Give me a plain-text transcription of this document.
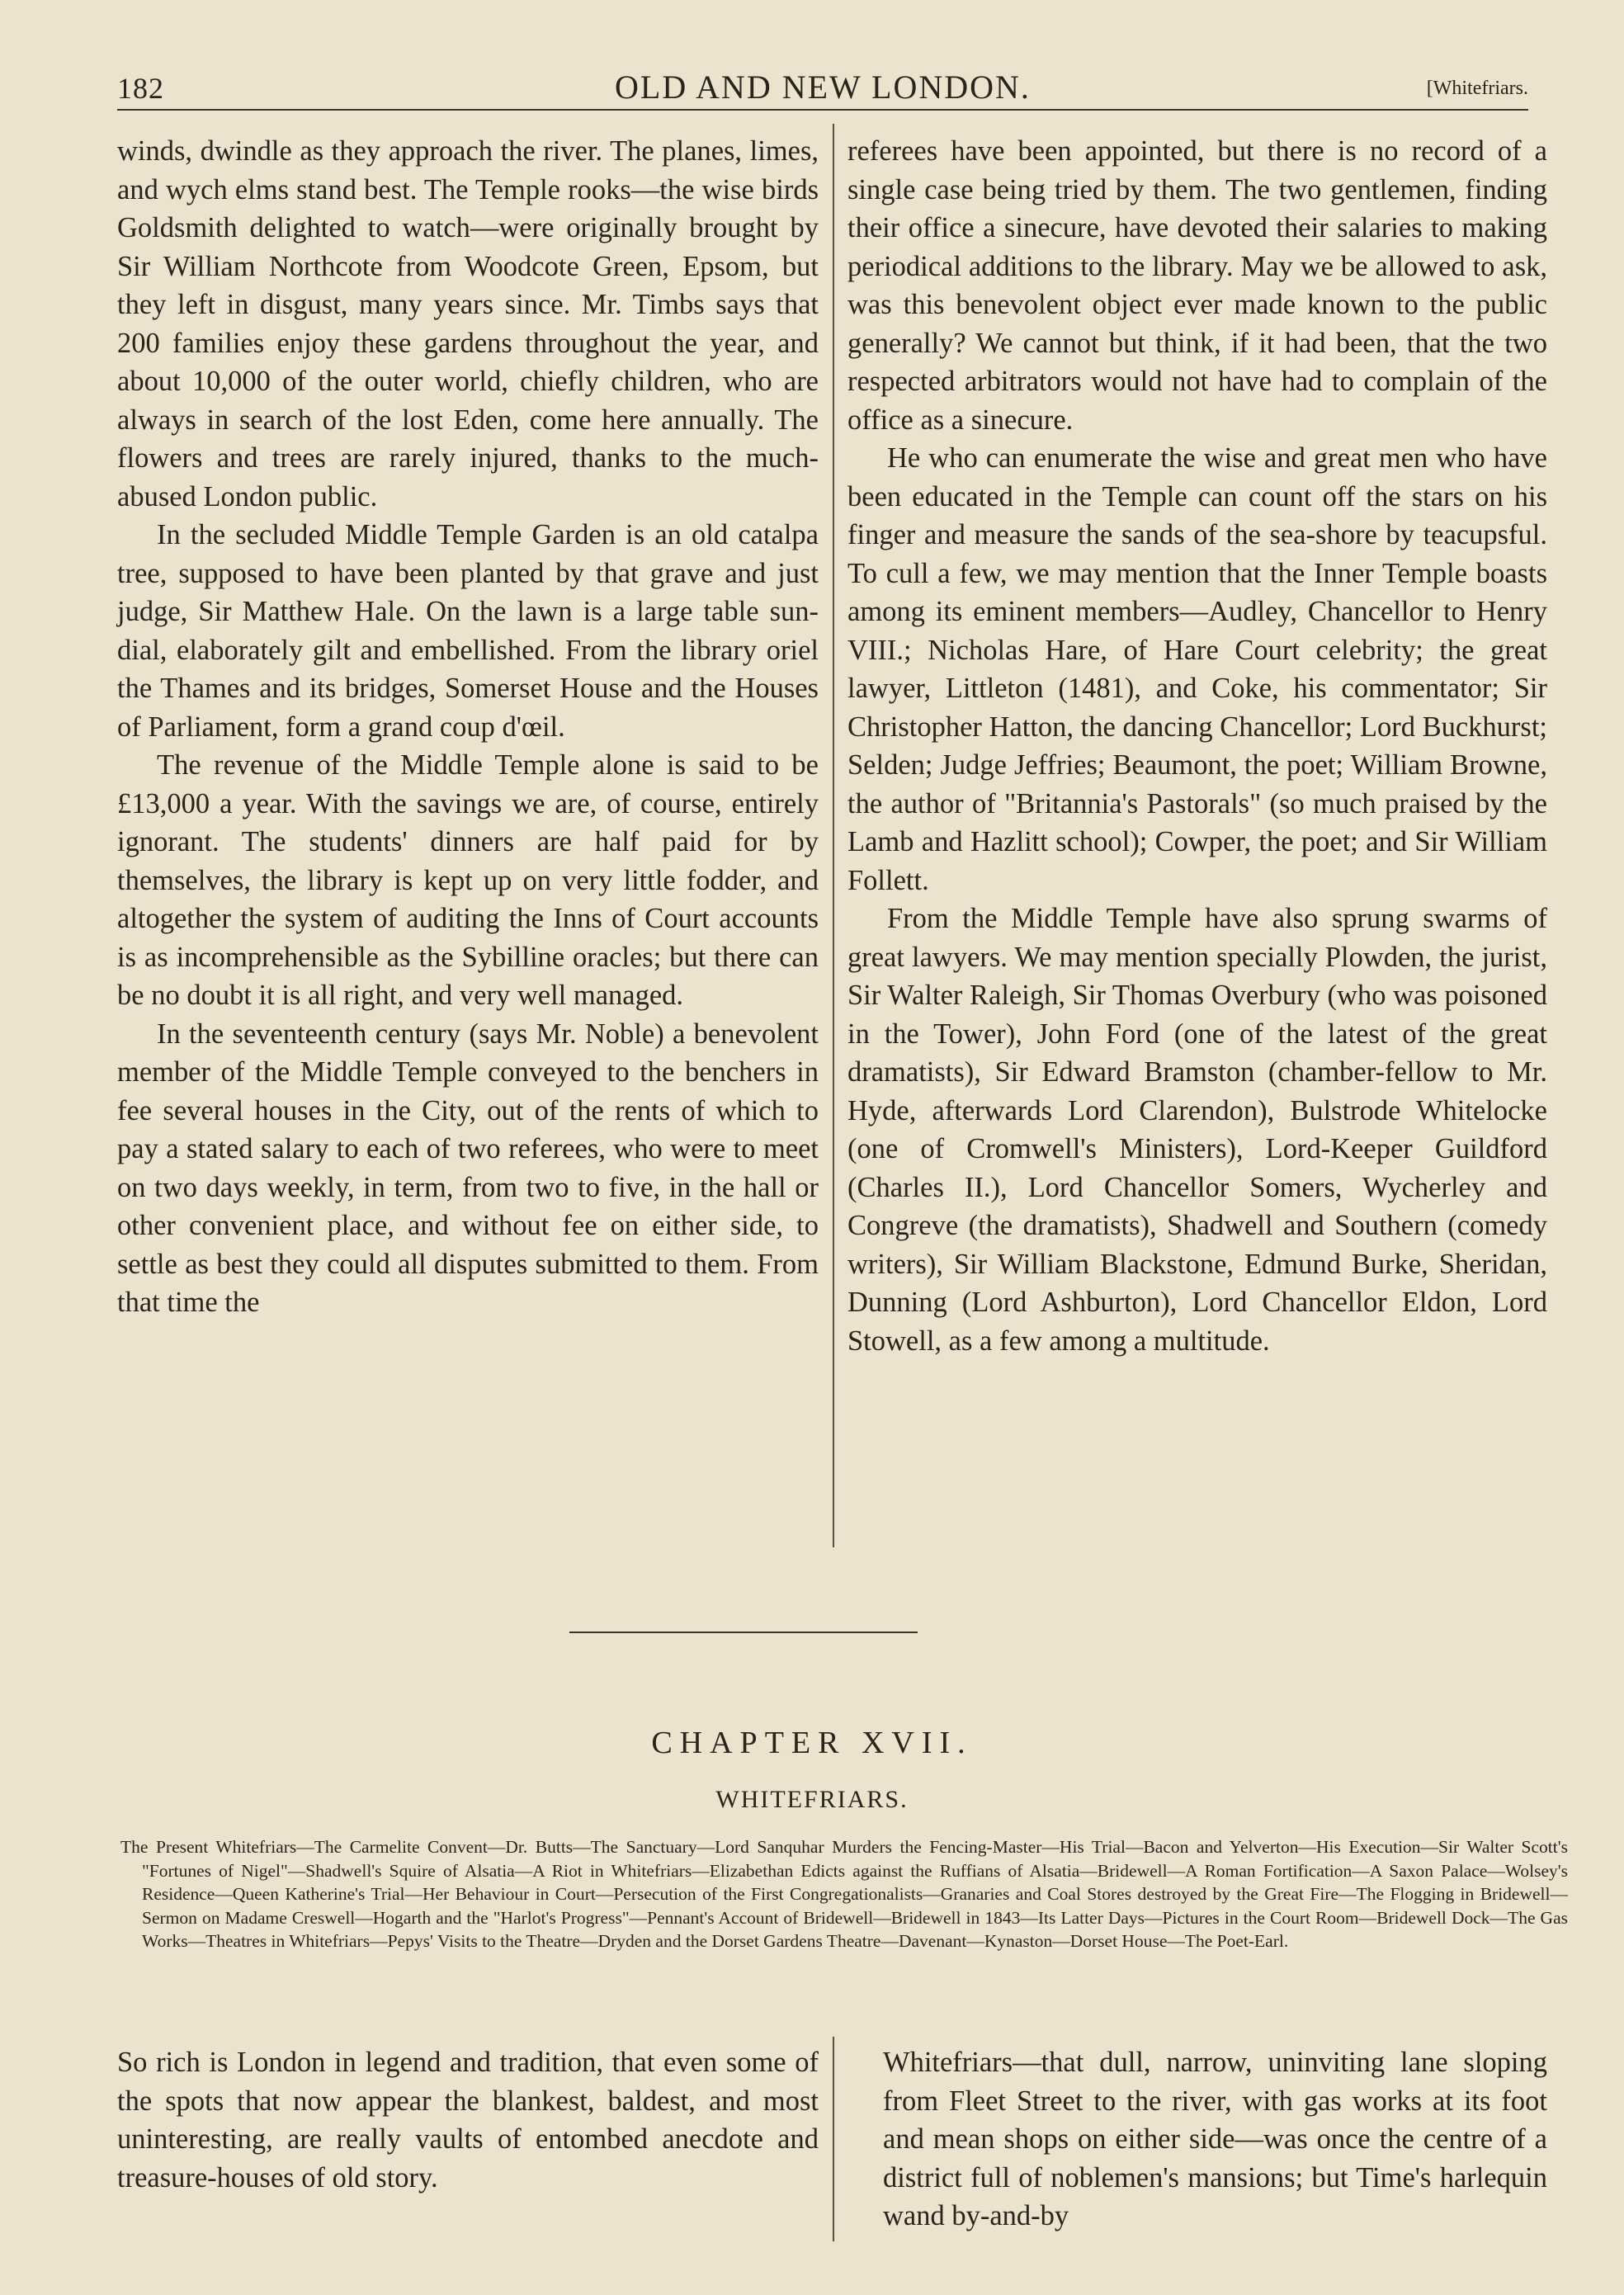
182	OLD AND NEW LONDON.	[Whitefriars.

winds, dwindle as they approach the river. The planes, limes, and wych elms stand best. The Temple rooks—the wise birds Goldsmith delighted to watch—were originally brought by Sir William Northcote from Woodcote Green, Epsom, but they left in disgust, many years since. Mr. Timbs says that 200 families enjoy these gardens throughout the year, and about 10,000 of the outer world, chiefly children, who are always in search of the lost Eden, come here annually. The flowers and trees are rarely injured, thanks to the much-abused London public.

In the secluded Middle Temple Garden is an old catalpa tree, supposed to have been planted by that grave and just judge, Sir Matthew Hale. On the lawn is a large table sun-dial, elaborately gilt and embellished. From the library oriel the Thames and its bridges, Somerset House and the Houses of Parliament, form a grand coup d'œil.

The revenue of the Middle Temple alone is said to be £13,000 a year. With the savings we are, of course, entirely ignorant. The students' dinners are half paid for by themselves, the library is kept up on very little fodder, and altogether the system of auditing the Inns of Court accounts is as incomprehensible as the Sybilline oracles; but there can be no doubt it is all right, and very well managed.

In the seventeenth century (says Mr. Noble) a benevolent member of the Middle Temple conveyed to the benchers in fee several houses in the City, out of the rents of which to pay a stated salary to each of two referees, who were to meet on two days weekly, in term, from two to five, in the hall or other convenient place, and without fee on either side, to settle as best they could all disputes submitted to them. From that time the

referees have been appointed, but there is no record of a single case being tried by them. The two gentlemen, finding their office a sinecure, have devoted their salaries to making periodical additions to the library. May we be allowed to ask, was this benevolent object ever made known to the public generally? We cannot but think, if it had been, that the two respected arbitrators would not have had to complain of the office as a sinecure.

He who can enumerate the wise and great men who have been educated in the Temple can count off the stars on his finger and measure the sands of the sea-shore by teacupsful. To cull a few, we may mention that the Inner Temple boasts among its eminent members—Audley, Chancellor to Henry VIII.; Nicholas Hare, of Hare Court celebrity; the great lawyer, Littleton (1481), and Coke, his commentator; Sir Christopher Hatton, the dancing Chancellor; Lord Buckhurst; Selden; Judge Jeffries; Beaumont, the poet; William Browne, the author of "Britannia's Pastorals" (so much praised by the Lamb and Hazlitt school); Cowper, the poet; and Sir William Follett.

From the Middle Temple have also sprung swarms of great lawyers. We may mention specially Plowden, the jurist, Sir Walter Raleigh, Sir Thomas Overbury (who was poisoned in the Tower), John Ford (one of the latest of the great dramatists), Sir Edward Bramston (chamber-fellow to Mr. Hyde, afterwards Lord Clarendon), Bulstrode Whitelocke (one of Cromwell's Ministers), Lord-Keeper Guildford (Charles II.), Lord Chancellor Somers, Wycherley and Congreve (the dramatists), Shadwell and Southern (comedy writers), Sir William Blackstone, Edmund Burke, Sheridan, Dunning (Lord Ashburton), Lord Chancellor Eldon, Lord Stowell, as a few among a multitude.

CHAPTER XVII.
WHITEFRIARS.
The Present Whitefriars—The Carmelite Convent—Dr. Butts—The Sanctuary—Lord Sanquhar Murders the Fencing-Master—His Trial—Bacon and Yelverton—His Execution—Sir Walter Scott's "Fortunes of Nigel"—Shadwell's Squire of Alsatia—A Riot in Whitefriars—Elizabethan Edicts against the Ruffians of Alsatia—Bridewell—A Roman Fortification—A Saxon Palace—Wolsey's Residence—Queen Katherine's Trial—Her Behaviour in Court—Persecution of the First Congregationalists—Granaries and Coal Stores destroyed by the Great Fire—The Flogging in Bridewell—Sermon on Madame Creswell—Hogarth and the "Harlot's Progress"—Pennant's Account of Bridewell—Bridewell in 1843—Its Latter Days—Pictures in the Court Room—Bridewell Dock—The Gas Works—Theatres in Whitefriars—Pepys' Visits to the Theatre—Dryden and the Dorset Gardens Theatre—Davenant—Kynaston—Dorset House—The Poet-Earl.

So rich is London in legend and tradition, that even some of the spots that now appear the blankest, baldest, and most uninteresting, are really vaults of entombed anecdote and treasure-houses of old story.

Whitefriars—that dull, narrow, uninviting lane sloping from Fleet Street to the river, with gas works at its foot and mean shops on either side—was once the centre of a district full of noblemen's mansions; but Time's harlequin wand by-and-by
